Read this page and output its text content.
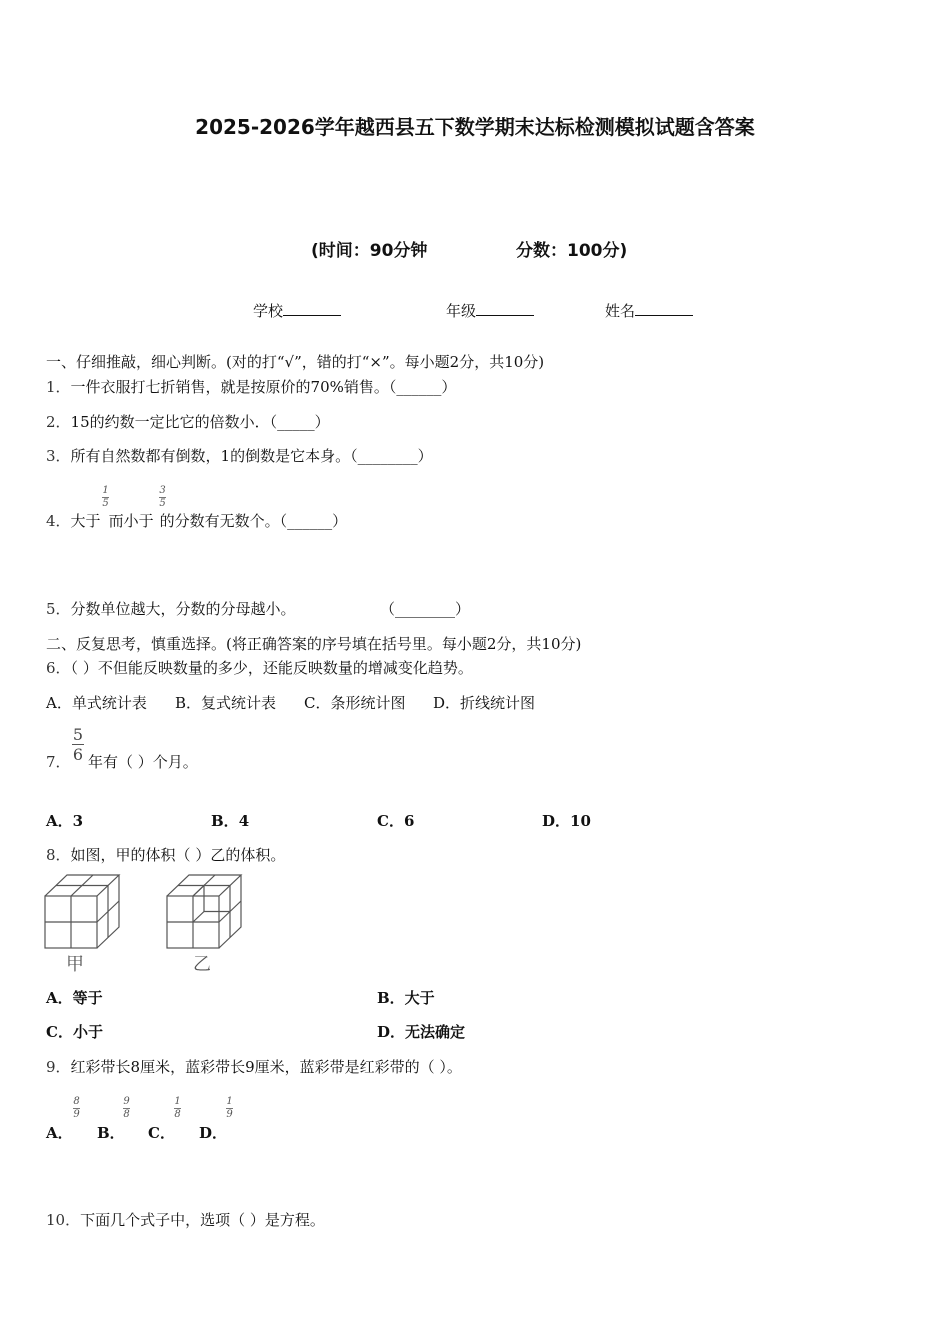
2025-2026学年越西县五下数学期末达标检测模拟试题含答案
(时间：90分钟	分数：100分)
学校	年级	姓名
一、仔细推敲，细心判断。(对的打“√”，错的打“×”。每小题2分，共10分)
1．一件衣服打七折销售，就是按原价的70%销售。（______）
2．15的约数一定比它的倍数小．（_____）
3．所有自然数都有倒数，1的倒数是它本身。（________）
4．大于 而小于 的分数有无数个。（______）
1
5
3
5
5．分数单位越大，分数的分母越小。	（________）
二、反复思考，慎重选择。(将正确答案的序号填在括号里。每小题2分，共10分)
6．（ ）不但能反映数量的多少，还能反映数量的增减变化趋势。
A．单式统计表 B．复式统计表 C．条形统计图 D．折线统计图
7．
5
6 年有（ ）个月。
A．3	B．4	C．6	D．10
8．如图，甲的体积（ ）乙的体积。
甲	乙
A．等于	B．大于
C．小于	D．无法确定
9．红彩带长8厘米，蓝彩带长9厘米，蓝彩带是红彩带的（ ）。
A．
8
9
B．
9
8
C．
1
8
D．
1
9
10．下面几个式子中，选项（ ）是方程。
